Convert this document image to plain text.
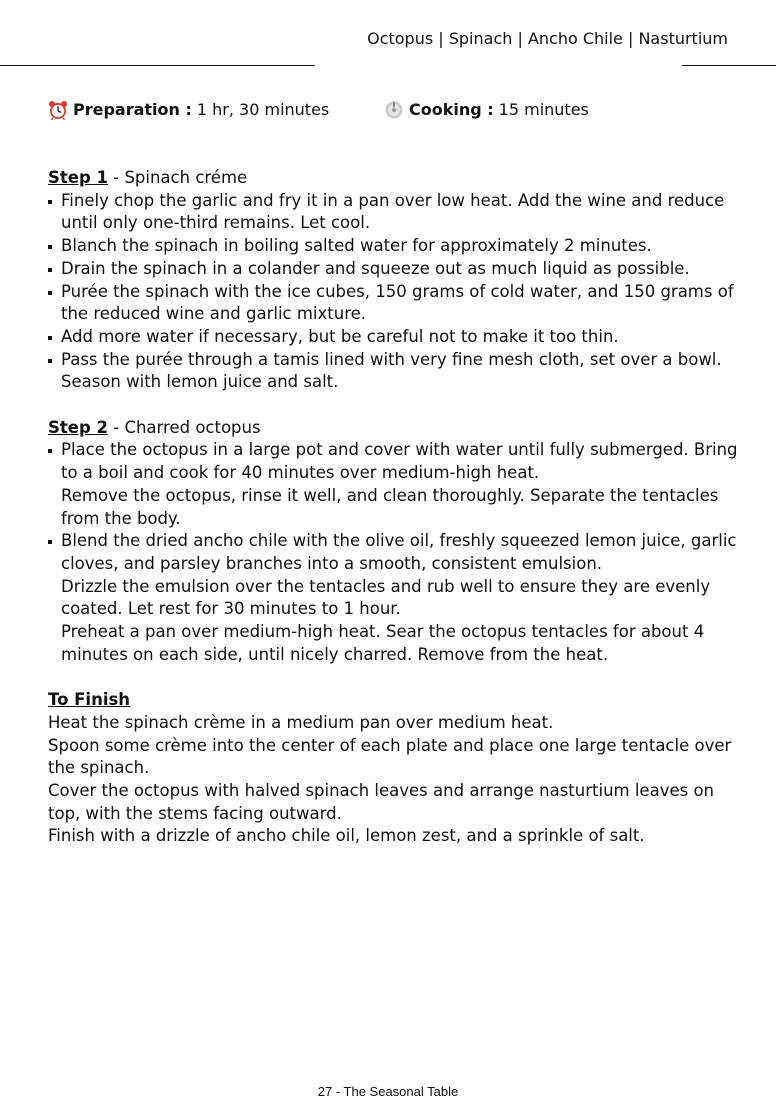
Octopus | Spinach | Ancho Chile | Nasturtium
Preparation : 1 hr, 30 minutes	Cooking : 15 minutes

Step 1 - Spinach créme

Finely chop the garlic and fry it in a pan over low heat. Add the wine and reduce until only one-third remains. Let cool.
Blanch the spinach in boiling salted water for approximately 2 minutes.
Drain the spinach in a colander and squeeze out as much liquid as possible.
Purée the spinach with the ice cubes, 150 grams of cold water, and 150 grams of the reduced wine and garlic mixture.
Add more water if necessary, but be careful not to make it too thin.
Pass the purée through a tamis lined with very fine mesh cloth, set over a bowl. Season with lemon juice and salt.

Step 2 - Charred octopus

Place the octopus in a large pot and cover with water until fully submerged. Bring to a boil and cook for 40 minutes over medium-high heat.
Remove the octopus, rinse it well, and clean thoroughly. Separate the tentacles from the body.
Blend the dried ancho chile with the olive oil, freshly squeezed lemon juice, garlic cloves, and parsley branches into a smooth, consistent emulsion.
Drizzle the emulsion over the tentacles and rub well to ensure they are evenly coated. Let rest for 30 minutes to 1 hour.
Preheat a pan over medium-high heat. Sear the octopus tentacles for about 4 minutes on each side, until nicely charred. Remove from the heat.

To Finish

Heat the spinach crème in a medium pan over medium heat.

Spoon some crème into the center of each plate and place one large tentacle over the spinach.

Cover the octopus with halved spinach leaves and arrange nasturtium leaves on top, with the stems facing outward.

Finish with a drizzle of ancho chile oil, lemon zest, and a sprinkle of salt.

27 - The Seasonal Table
